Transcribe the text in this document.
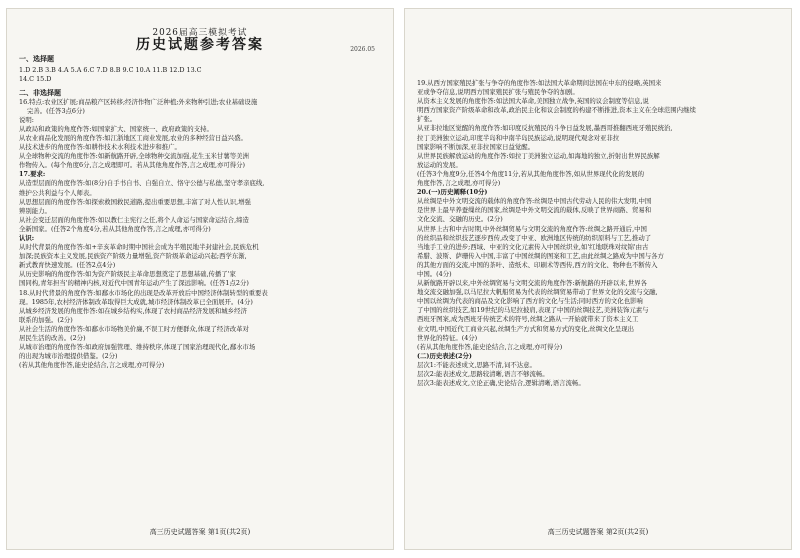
2026届高三模拟考试
历史试题参考答案	2026.05
一、选择题
1.D 2.B 3.B 4.A 5.A 6.C 7.D 8.B 9.C 10.A 11.B 12.D 13.C
14.C 15.D
二、非选择题
16.特点:农业区扩展;商品粮产区转移;经济作物广泛种植;外来物种引进;农业基础设施
完善。(任答3点6分)
说明:
从政局和政策的角度作答:如国家扩大、国家统一、政府政策的支持。
从农业商品化发展的角度作答:如江浙地区工商业发展,农业的多种经营日益兴盛。
从技术进步的角度作答:如耕作技术水利技术进步和推广。
从全球物种交流的角度作答:如新航路开辟,全球物种交流加强,花生玉米甘薯等美洲
作物传入。(每个角度6分,言之成理即可。若从其他角度作答,言之成理,亦可得分)
17.要求:
从造型层面的角度作答:如(8分)自手书自书、自强自立、恪守公德与私德,坚守孝亲底线,
维护公共利益与个人师表。
从思想层面的角度作答:如探索救国救民道路,提出重要思想,丰富了对人性认识,增强
辨别能力。
从社会变迁层面的角度作答:如以教仁主宪行之任,将个人命运与国家命运结合,缔造
全新国家。(任答2个角度4分,若从其他角度作答,言之成理,亦可得分)
认识:
从时代背景的角度作答:如+辛亥革命时期中国社会成为半殖民地半封建社会,民族危机
加深;民族资本主义发展,民族资产阶级力量增强,资产阶级革命运动兴起;西学东渐,
新式教育快速发展。(任答2点4分)
从历史影响的角度作答:如为资产阶级民主革命思想奠定了思想基础,传播了'家
国同构,青年担当'的精神内核,对近代中国青年运动产生了深远影响。(任答1点2分)
18.从时代背景的角度作答:如鄱水市场化的出现是改革开放后中国经济体制转型的重要表
现。1985年,农村经济体制改革取得巨大成就,城市经济体制改革已全面展开。(4分)
从城乡经济发展的角度作答:如在城乡结构实,体现了农村商品经济发展和城乡经济
联系的加强。(2分)
从社会生活的角度作答:如鄱水市场物美价廉,不误工时方便群众,体现了经济改革对
居民生活的改善。(2分)
从城市治理的角度作答:如政府加强管理、维持秩序,体现了国家治理现代化,鄱水市场
的出现为城市治理提供借鉴。(2分)
(若从其他角度作答,能史论结合,言之成理,亦可得分)
高三历史试题答案 第1页(共2页)
19.从西方国家殖民扩张与争夺的角度作答:如法国大革命期间法国在中东的侵略,英国来
亚或争夺信息,说明西方国家殖民扩张与殖民争夺的加剧。
从资本主义发展的角度作答:如法国大革命,美国独立战争,英国的议会制度等信息,说
明西方国家资产阶级革命和改革,政治民主化和议会制度的构建不断推进,资本主义在全球范围内继续
扩张。
从亚非拉地区觉醒的角度作答:如印度反抗殖民的斗争日益发展,墨西哥推翻西班牙殖民统治,
拉丁美洲独立运动,印度半岛和中南半岛民族运动,说明现代观念对亚非拉
国家影响不断加深,亚非拉国家日益觉醒。
从世界民族解放运动的角度作答:如拉丁美洲独立运动,如海地的独立,折射出世界民族解
放运动的发展。
(任答3个角度9分,任答4个角度11分,若从其他角度作答,如从世界现代化的发展的
角度作答,言之成理,亦可得分)
20.(一)历史阐释(10分)
从丝绸是中外文明交流的载体的角度作答:丝绸是中国古代劳动人民的伟大发明,中国
是世界上最早养蚕缫丝的国家,丝绸是中外文明交流的载体,反映了世界商路、贸易和
文化交流、交融的历史。(2分)
从世界上古和中古时期,中外丝绸贸易与文明交流的角度作答:丝绸之路开通后,中国
的丝织品和丝织技艺逐步西传,改变了中亚、欧洲地区传统的纺织原料与工艺,推动了
当地手工业的进步;西域、中亚的文化元素传入中国丝织业,如'红地联珠对纹锦'由古
希腊、波斯、萨珊传入中国,丰富了中国丝绸的图案和工艺,由此丝绸之路成为中国与各方
的其他方面的交流,中国的茶叶、造纸术、印刷术等西传,西方的文化、物种也不断传入
中国。(4分)
从新航路开辟以来,中外丝绸贸易与文明交流的角度作答:新航路的开辟以来,世界各
地交流交融加强,以马尼拉大帆船贸易为代表的丝绸贸易带动了世界文化的交流与交融,
中国以丝绸为代表的商品及文化影响了西方的文化与生活;同时西方的文化也影响
了中国的丝织技艺,如19世纪的马尼拉披肩,表现了中国的丝绸技艺,美洲装饰元素与
西班牙图案,成为西班牙传统艺术的符号,丝绸之路从一开始就带来了资本主义工
业文明,中国近代工商业兴起,丝绸生产方式和贸易方式的变化,丝绸文化呈现出
世界化的特征。(4分)
(若从其他角度作答,能史论结合,言之成理,亦可得分)
(二)历史表述(2分)
层次1:不能表述成文,思路不清,词不达意。
层次2:能表述成文,思路较清晰,语言不够流畅。
层次3:能表述成文,立论正确,史论结合,逻辑清晰,语言流畅。
高三历史试题答案 第2页(共2页)
